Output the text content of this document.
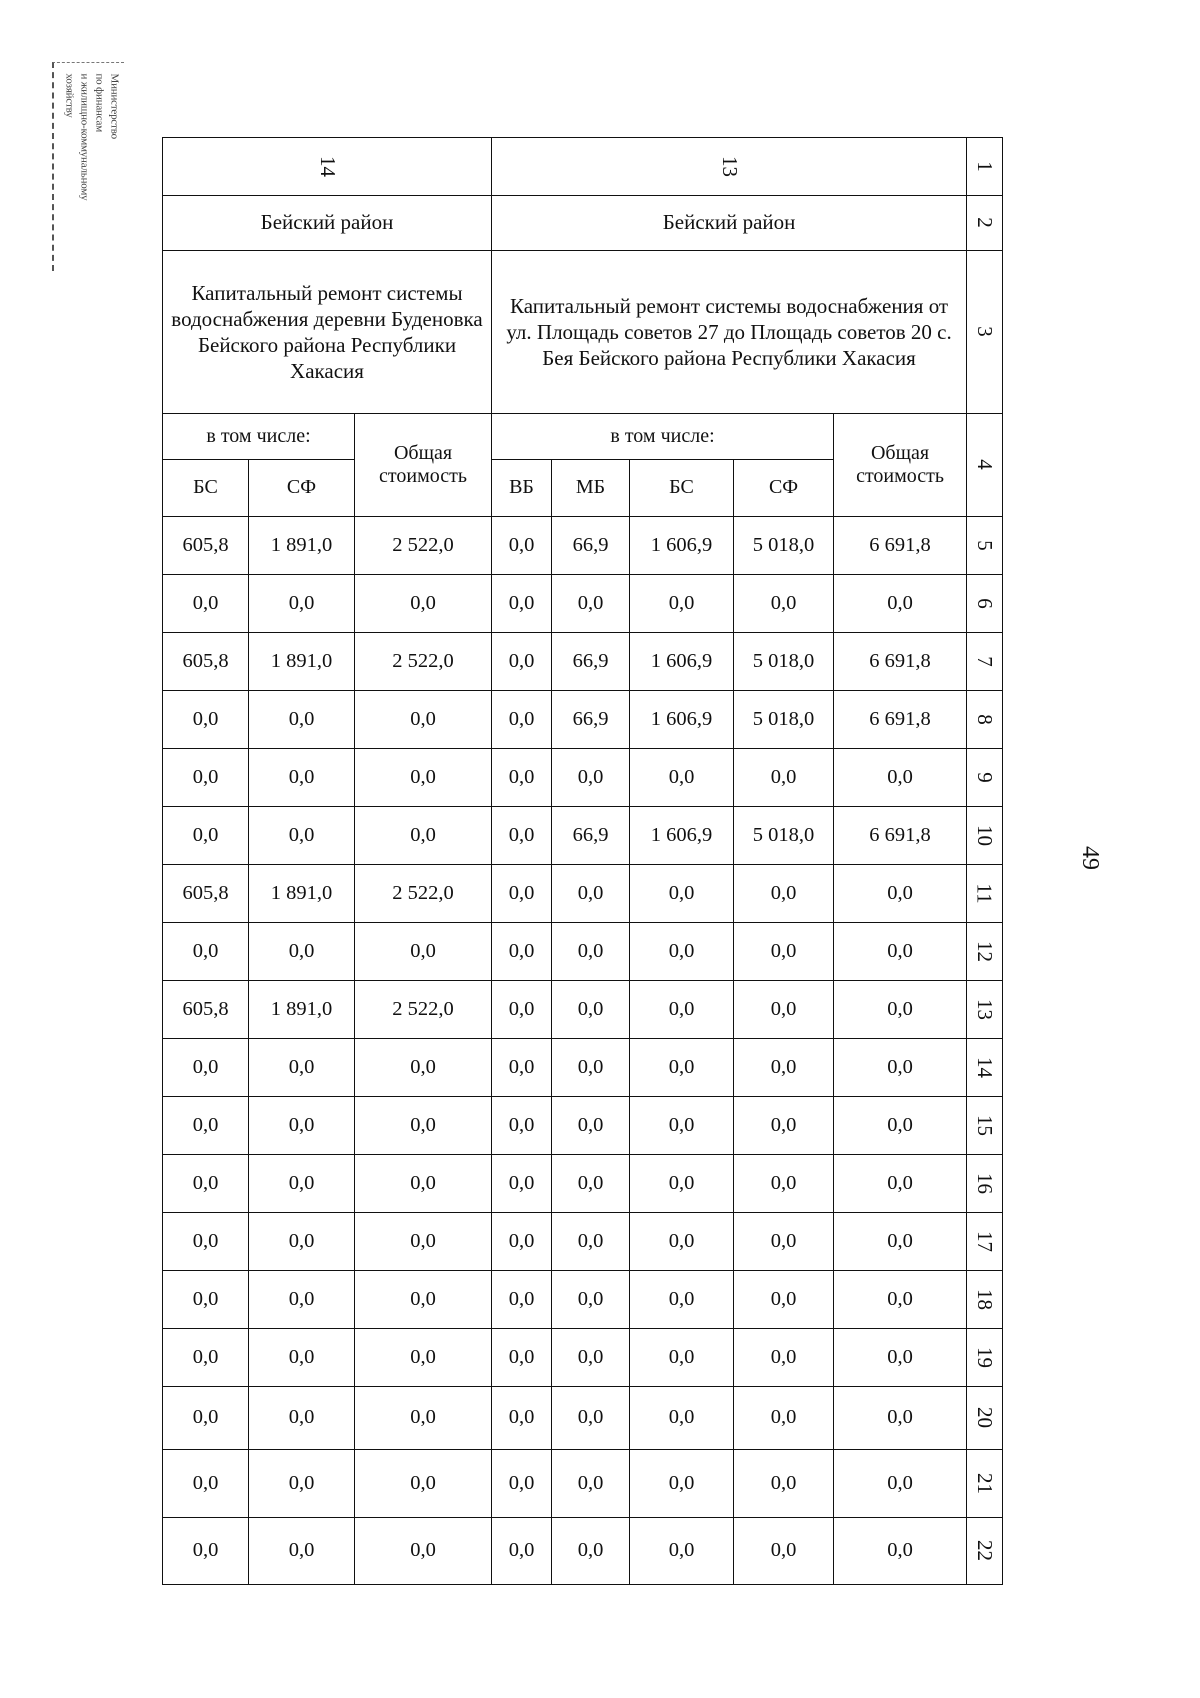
Министерство
по финансам
и жилищно-коммунальному
хозяйству
49
14			13					1
Бейский район			Бейский район					2
Капитальный ремонт системы водоснабжения деревни Буденовка Бейского района Республики Хакасия			Капитальный ремонт системы водоснабжения от ул. Площадь советов 27 до Площадь советов 20 с. Бея Бейского района Республики Хакасия					3
в том числе:		Общая стоимость	в том числе:				Общая стоимость	4
БС	СФ		ВБ	МБ	БС	СФ		
605,8	1 891,0	2 522,0	0,0	66,9	1 606,9	5 018,0	6 691,8	5
0,0	0,0	0,0	0,0	0,0	0,0	0,0	0,0	6
605,8	1 891,0	2 522,0	0,0	66,9	1 606,9	5 018,0	6 691,8	7
0,0	0,0	0,0	0,0	66,9	1 606,9	5 018,0	6 691,8	8
0,0	0,0	0,0	0,0	0,0	0,0	0,0	0,0	9
0,0	0,0	0,0	0,0	66,9	1 606,9	5 018,0	6 691,8	10
605,8	1 891,0	2 522,0	0,0	0,0	0,0	0,0	0,0	11
0,0	0,0	0,0	0,0	0,0	0,0	0,0	0,0	12
605,8	1 891,0	2 522,0	0,0	0,0	0,0	0,0	0,0	13
0,0	0,0	0,0	0,0	0,0	0,0	0,0	0,0	14
0,0	0,0	0,0	0,0	0,0	0,0	0,0	0,0	15
0,0	0,0	0,0	0,0	0,0	0,0	0,0	0,0	16
0,0	0,0	0,0	0,0	0,0	0,0	0,0	0,0	17
0,0	0,0	0,0	0,0	0,0	0,0	0,0	0,0	18
0,0	0,0	0,0	0,0	0,0	0,0	0,0	0,0	19
0,0	0,0	0,0	0,0	0,0	0,0	0,0	0,0	20
0,0	0,0	0,0	0,0	0,0	0,0	0,0	0,0	21
0,0	0,0	0,0	0,0	0,0	0,0	0,0	0,0	22
